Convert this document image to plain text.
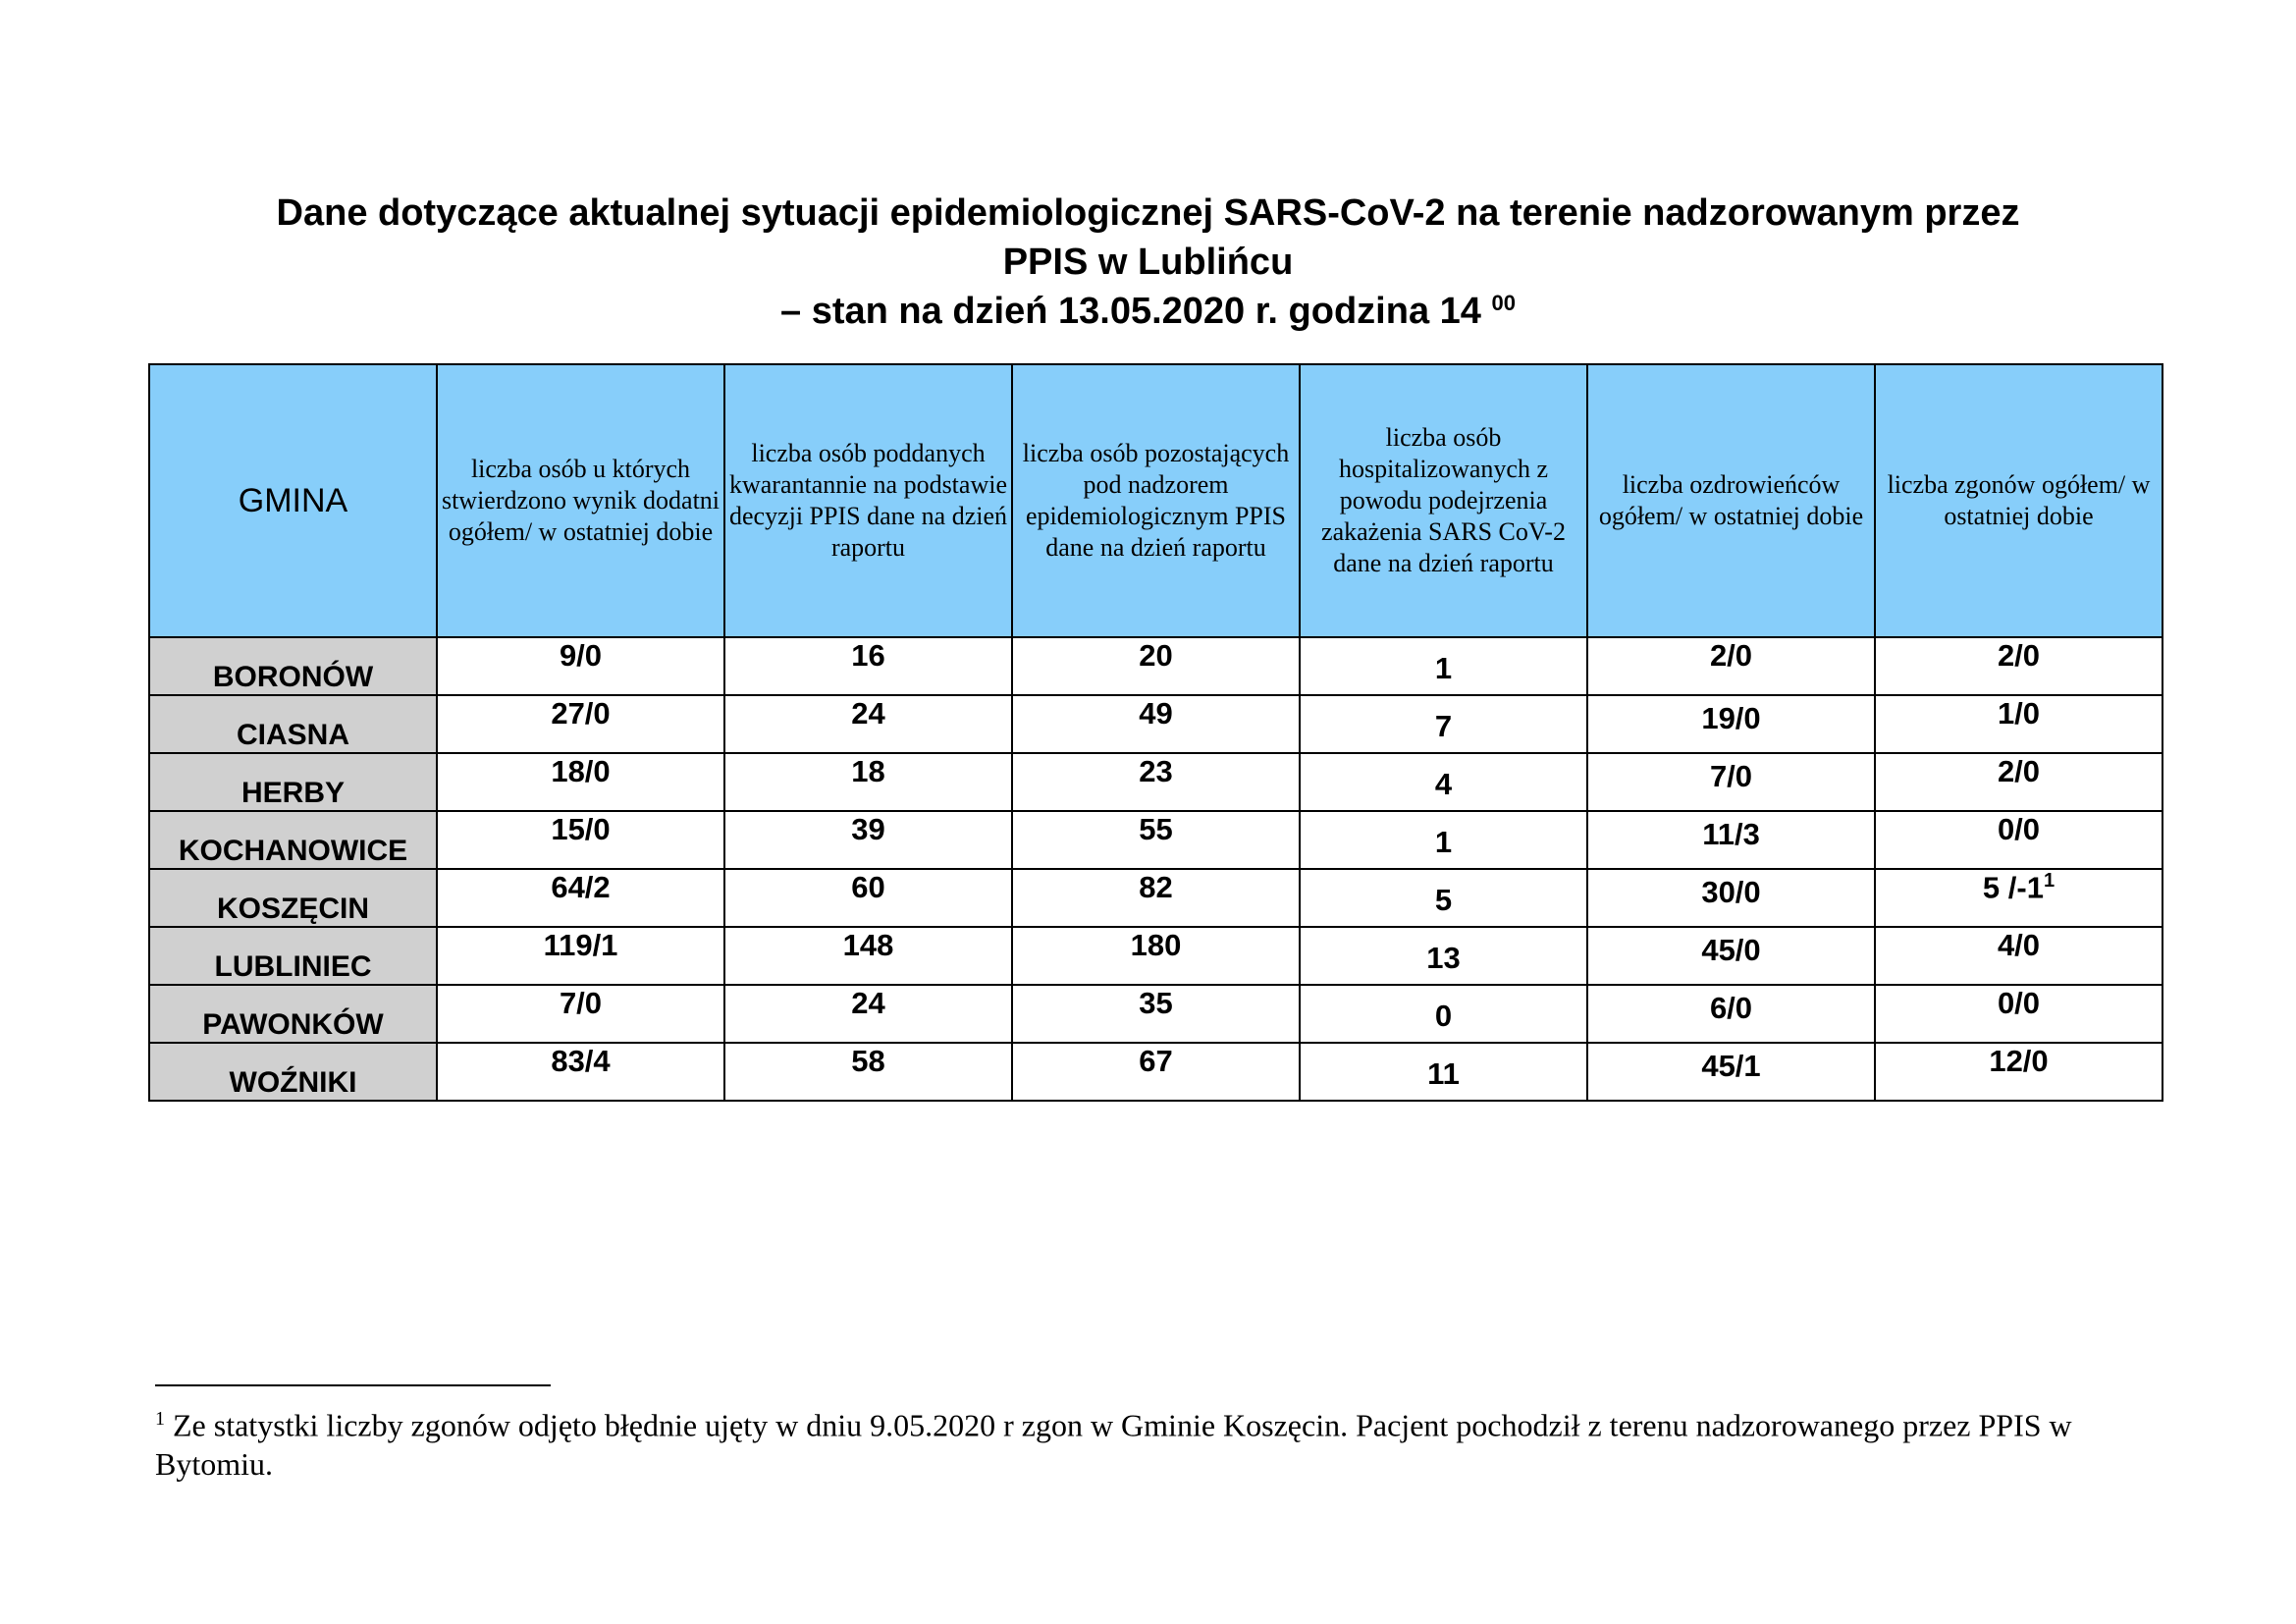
Dane dotyczące aktualnej sytuacji epidemiologicznej SARS-CoV-2 na terenie nadzorowanym przez
PPIS w Lublińcu
– stan na dzień 13.05.2020 r. godzina 14 $^{00}$
GMINA	liczba osób u których stwierdzono wynik dodatni ogółem/ w ostatniej dobie	liczba osób poddanych kwarantannie na podstawie decyzji PPIS dane na dzień raportu	liczba osób pozostających pod nadzorem epidemiologicznym PPIS dane na dzień raportu	liczba osób hospitalizowanych z powodu podejrzenia zakażenia SARS CoV-2 dane na dzień raportu	liczba ozdrowieńców ogółem/ w ostatniej dobie	liczba zgonów ogółem/ w ostatniej dobie
BORONÓW	9/0	16	20	1	2/0	2/0
CIASNA	27/0	24	49	7	19/0	1/0
HERBY	18/0	18	23	4	7/0	2/0
KOCHANOWICE	15/0	39	55	1	11/3	0/0
KOSZĘCIN	64/2	60	82	5	30/0	5 $/-1^1$
LUBLINIEC	119/1	148	180	13	45/0	4/0
PAWONKÓW	7/0	24	35	0	6/0	0/0
WOŹNIKI	83/4	58	67	11	45/1	12/0
$^1$ Ze statystki liczby zgonów odjęto błędnie ujęty w dniu 9.05.2020 r zgon w Gminie Koszęcin. Pacjent pochodził z terenu nadzorowanego przez PPIS w Bytomiu.
